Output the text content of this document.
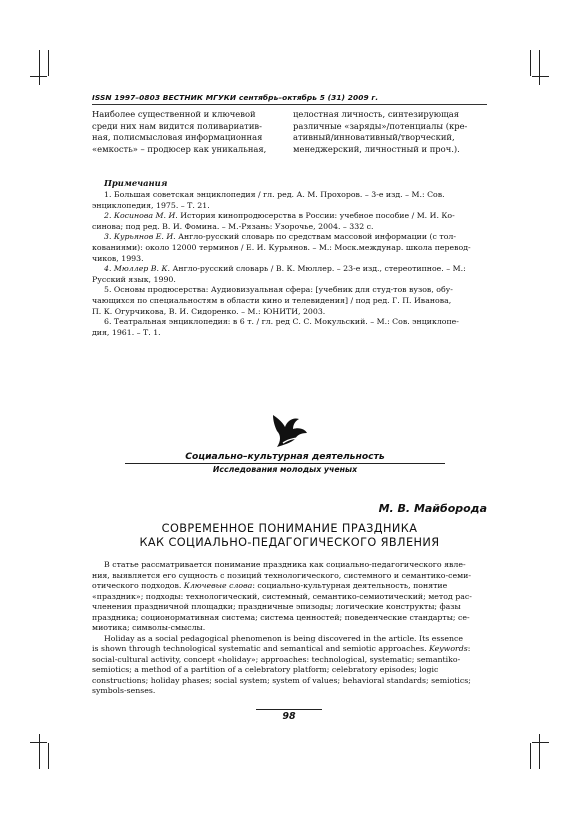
ISSN 1997–0803 ВЕСТНИК МГУКИ сентябрь–октябрь 5 (31) 2009 г.
Наиболее существенной и ключевой
среди них нам видится поливариатив-
ная, полисмысловая информационная
«емкость» – продюсер как уникальная,
целостная личность, синтезирующая
различные «заряды»/потенциалы (кре-
ативный/инновативный/творческий,
менеджерский, личностный и проч.).
Примечания
1. Большая советская энциклопедия / гл. ред. А. М. Прохоров. – 3-е изд. – М.: Сов.
энциклопедия, 1975. – Т. 21.
2. Косинова М. И. История кинопродюсерства в России: учебное пособие / М. И. Ко-
синова; под ред. В. И. Фомина. – М.-Рязань: Узорочье, 2004. – 332 с.
3. Курьянов Е. И. Англо-русский словарь по средствам массовой информации (с тол-
кованиями): около 12000 терминов / Е. И. Курьянов. – М.: Моск.междунар. школа перевод-
чиков, 1993.
4. Мюллер В. К. Англо-русский словарь / В. К. Мюллер. – 23-е изд., стереотипное. – М.:
Русский язык, 1990.
5. Основы продюсерства: Аудиовизуальная сфера: [учебник для студ-тов вузов, обу-
чающихся по специальностям в области кино и телевидения] / под ред. Г. П. Иванова,
П. К. Огурчикова, В. И. Сидоренко. – М.: ЮНИТИ, 2003.
6. Театральная энциклопедия: в 6 т. / гл. ред С. С. Мокульский. – М.: Сов. энциклопе-
дия, 1961. – Т. 1.
Социально–культурная деятельность
Исследования молодых ученых
М. В. Майборода
СОВРЕМЕННОЕ ПОНИМАНИЕ ПРАЗДНИКА
КАК СОЦИАЛЬНО-ПЕДАГОГИЧЕСКОГО ЯВЛЕНИЯ
В статье рассматривается понимание праздника как социально-педагогического явле-
ния, выявляется его сущность с позиций технологического, системного и семантико-семи-
отического подходов. Ключевые слова: социально-культурная деятельность, понятие
«праздник»; подходы: технологический, системный, семантико-семиотический; метод рас-
членения праздничной площадки; праздничные эпизоды; логические конструкты; фазы
праздника; соционормативная система; система ценностей; поведенческие стандарты; се-
миотика; символы-смыслы.
Holiday as a social pedagogical phenomenon is being discovered in the article. Its essence
is shown through technological systematic and semantical and semiotic approaches. Keywords:
social-cultural activity, concept «holiday»; approaches: technological, systematic; semantiko-
semiotics; a method of a partition of a celebratory platform; celebratory episodes; logic
constructions; holiday phases; social system; system of values; behavioral standards; semiotics;
symbols-senses.
98
